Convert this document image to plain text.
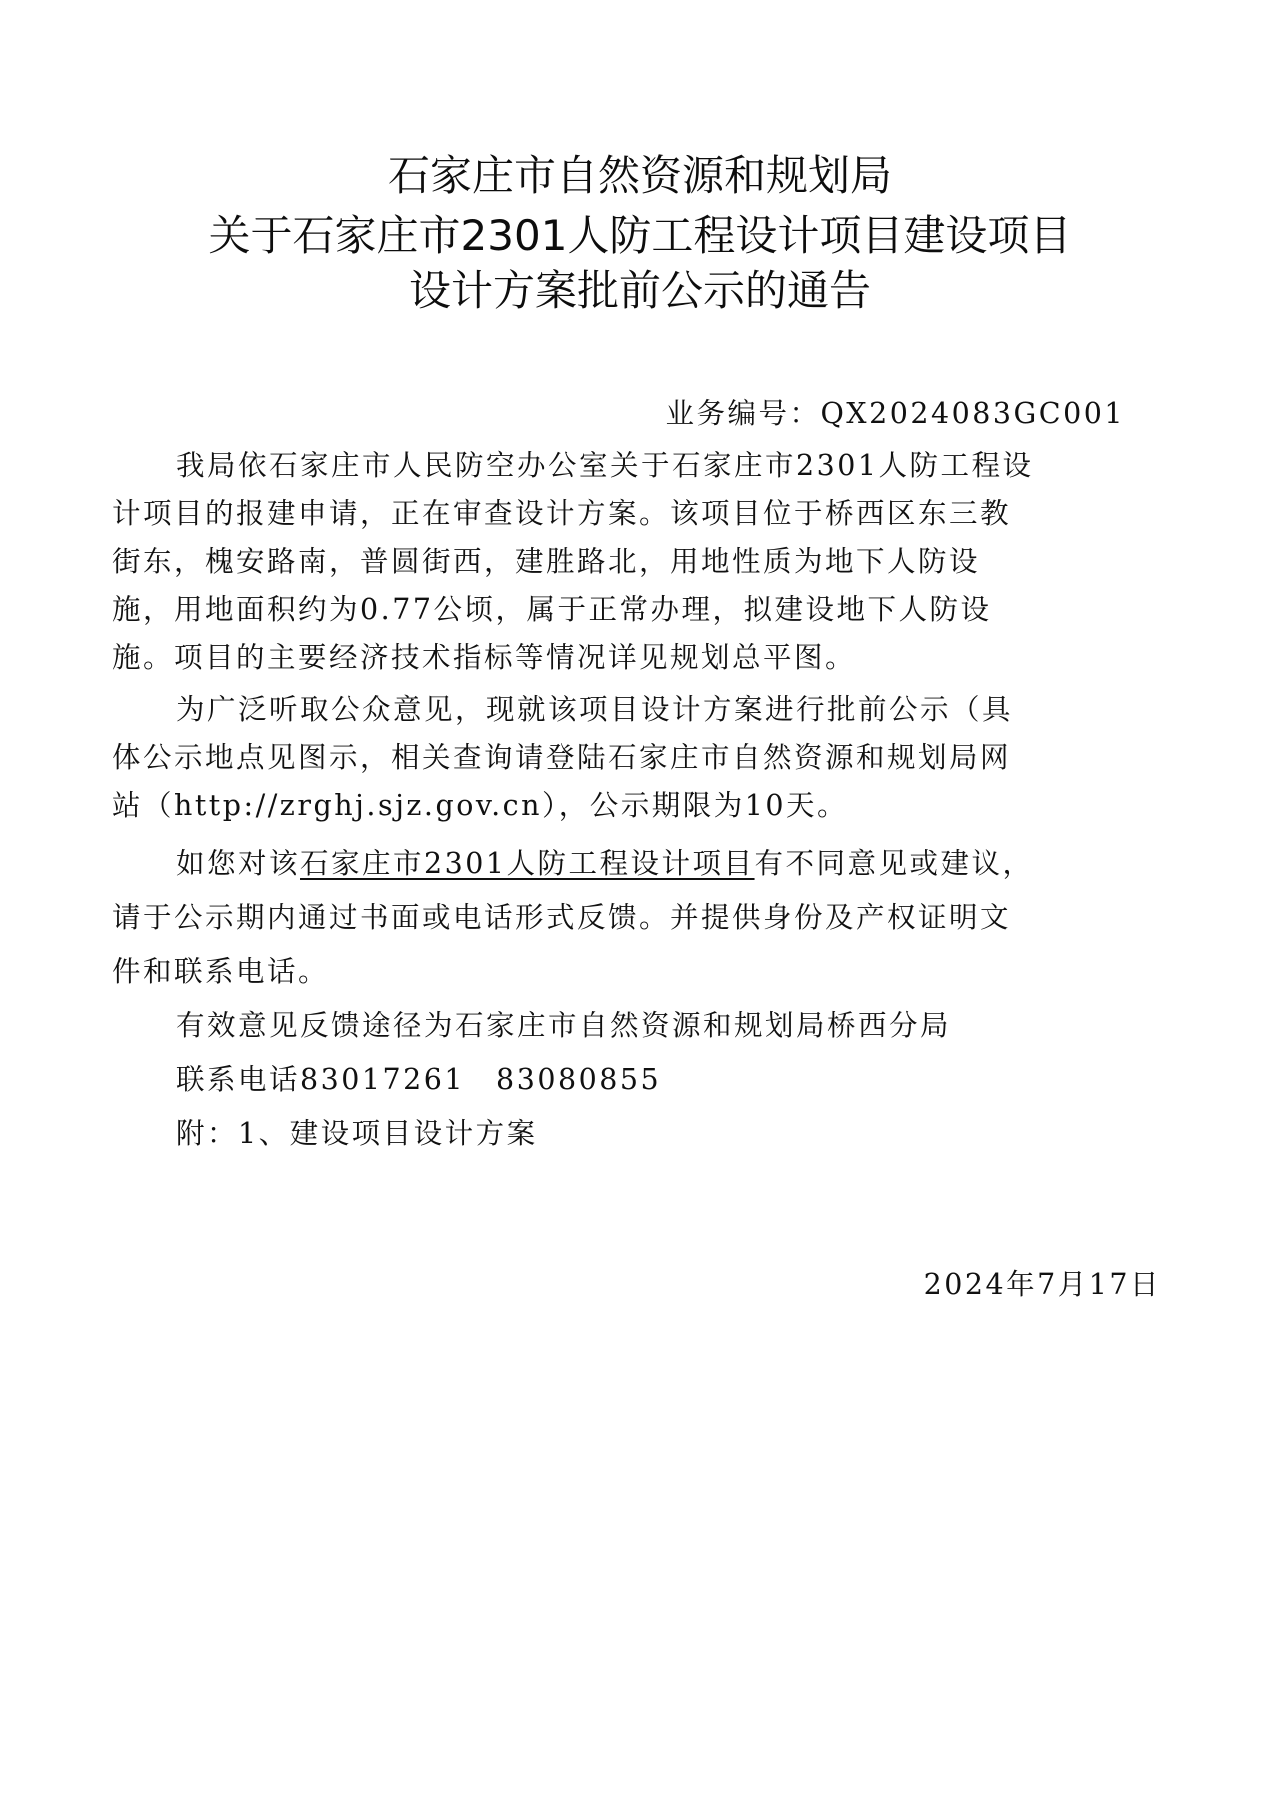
石家庄市自然资源和规划局
关于石家庄市2301人防工程设计项目建设项目
设计方案批前公示的通告
业务编号：QX2024083GC001
我局依石家庄市人民防空办公室关于石家庄市2301人防工程设
计项目的报建申请，正在审查设计方案。该项目位于桥西区东三教
街东，槐安路南，普圆街西，建胜路北，用地性质为地下人防设
施，用地面积约为0.77公顷，属于正常办理，拟建设地下人防设
施。项目的主要经济技术指标等情况详见规划总平图。
为广泛听取公众意见，现就该项目设计方案进行批前公示（具
体公示地点见图示，相关查询请登陆石家庄市自然资源和规划局网
站（http://zrghj.sjz.gov.cn），公示期限为10天。
如您对该石家庄市2301人防工程设计项目有不同意见或建议，
请于公示期内通过书面或电话形式反馈。并提供身份及产权证明文
件和联系电话。
有效意见反馈途径为石家庄市自然资源和规划局桥西分局
联系电话83017261　83080855
附：1、建设项目设计方案
2024年7月17日
